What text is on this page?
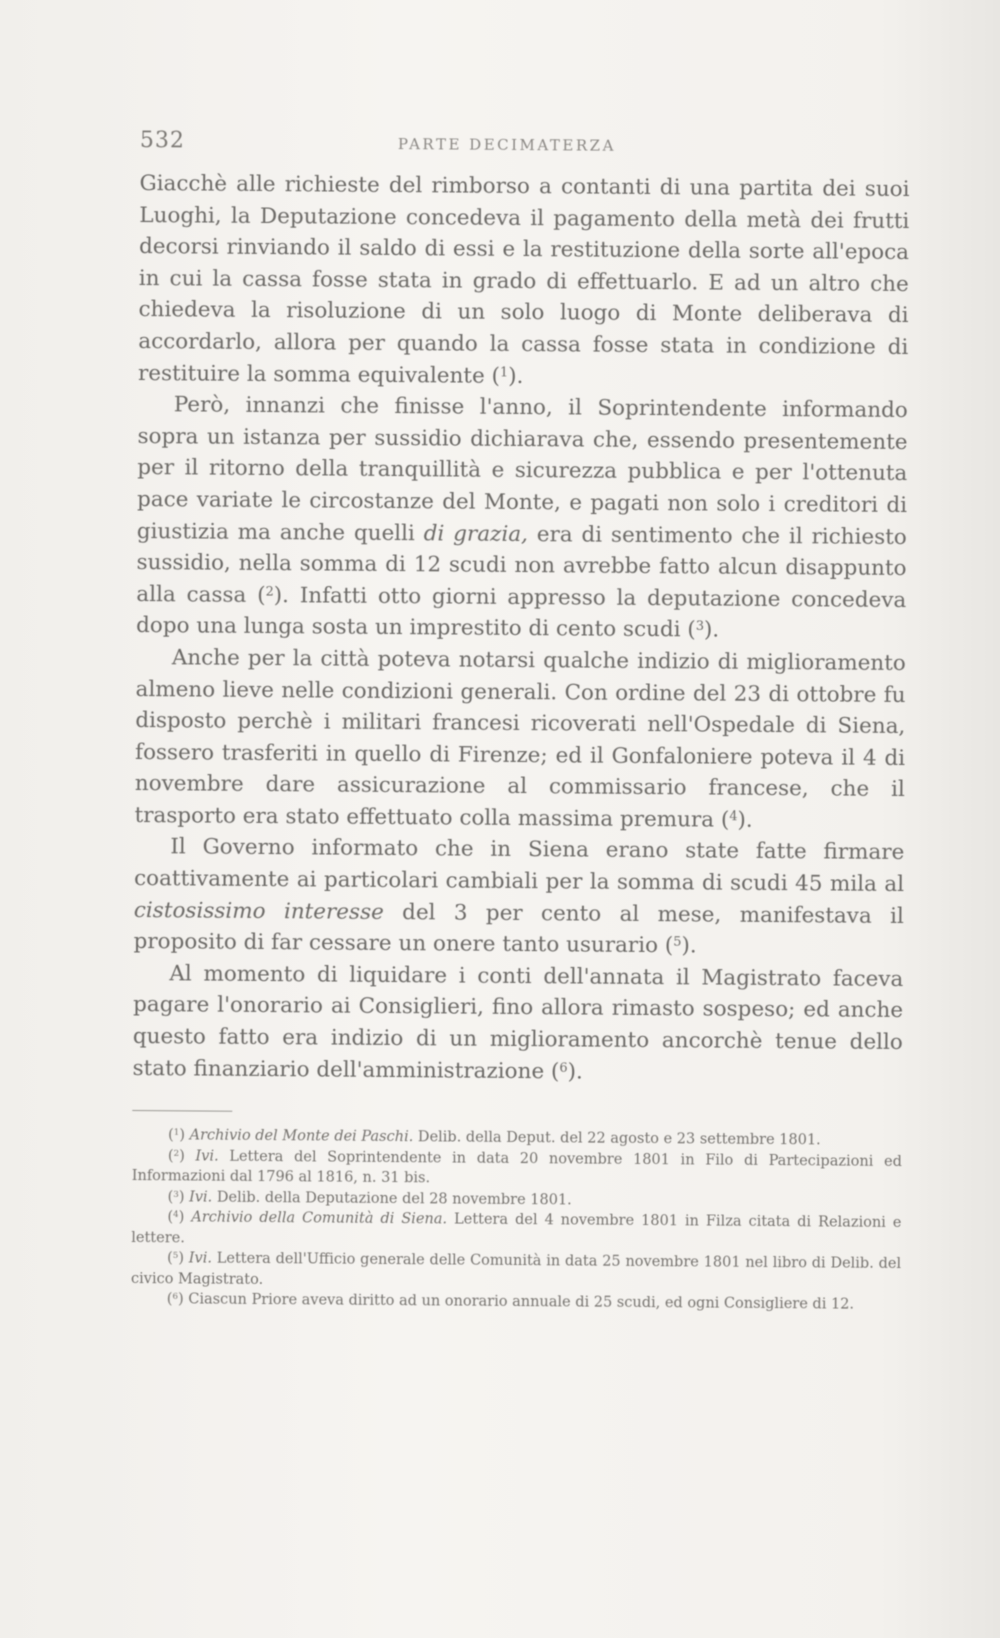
532	PARTE DECIMATERZA

Giacchè alle richieste del rimborso a contanti di una partita dei suoi Luoghi, la Deputazione concedeva il pagamento della metà dei frutti decorsi rinviando il saldo di essi e la restituzione della sorte all'epoca in cui la cassa fosse stata in grado di effettuarlo. E ad un altro che chiedeva la risoluzione di un solo luogo di Monte deliberava di accordarlo, allora per quando la cassa fosse stata in condizione di restituire la somma equivalente ($^1$).

Però, innanzi che finisse l'anno, il Soprintendente informando sopra un istanza per sussidio dichiarava che, essendo presentemente per il ritorno della tranquillità e sicurezza pubblica e per l'ottenuta pace variate le circostanze del Monte, e pagati non solo i creditori di giustizia ma anche quelli di grazia, era di sentimento che il richiesto sussidio, nella somma di 12 scudi non avrebbe fatto alcun disappunto alla cassa ($^2$). Infatti otto giorni appresso la deputazione concedeva dopo una lunga sosta un imprestito di cento scudi ($^3$).

Anche per la città poteva notarsi qualche indizio di miglioramento almeno lieve nelle condizioni generali. Con ordine del 23 di ottobre fu disposto perchè i militari francesi ricoverati nell'Ospedale di Siena, fossero trasferiti in quello di Firenze; ed il Gonfaloniere poteva il 4 di novembre dare assicurazione al commissario francese, che il trasporto era stato effettuato colla massima premura ($^4$).

Il Governo informato che in Siena erano state fatte firmare coattivamente ai particolari cambiali per la somma di scudi 45 mila al cistosissimo interesse del 3 per cento al mese, manifestava il proposito di far cessare un onere tanto usurario ($^5$).

Al momento di liquidare i conti dell'annata il Magistrato faceva pagare l'onorario ai Consiglieri, fino allora rimasto sospeso; ed anche questo fatto era indizio di un miglioramento ancorchè tenue dello stato finanziario dell'amministrazione ($^6$).

($^1$) Archivio del Monte dei Paschi. Delib. della Deput. del 22 agosto e 23 settembre 1801.

($^2$) Ivi. Lettera del Soprintendente in data 20 novembre 1801 in Filo di Partecipazioni ed Informazioni dal 1796 al 1816, n. 31 bis.

($^3$) Ivi. Delib. della Deputazione del 28 novembre 1801.

($^4$) Archivio della Comunità di Siena. Lettera del 4 novembre 1801 in Filza citata di Relazioni e lettere.

($^5$) Ivi. Lettera dell'Ufficio generale delle Comunità in data 25 novembre 1801 nel libro di Delib. del civico Magistrato.

($^6$) Ciascun Priore aveva diritto ad un onorario annuale di 25 scudi, ed ogni Consigliere di 12.
